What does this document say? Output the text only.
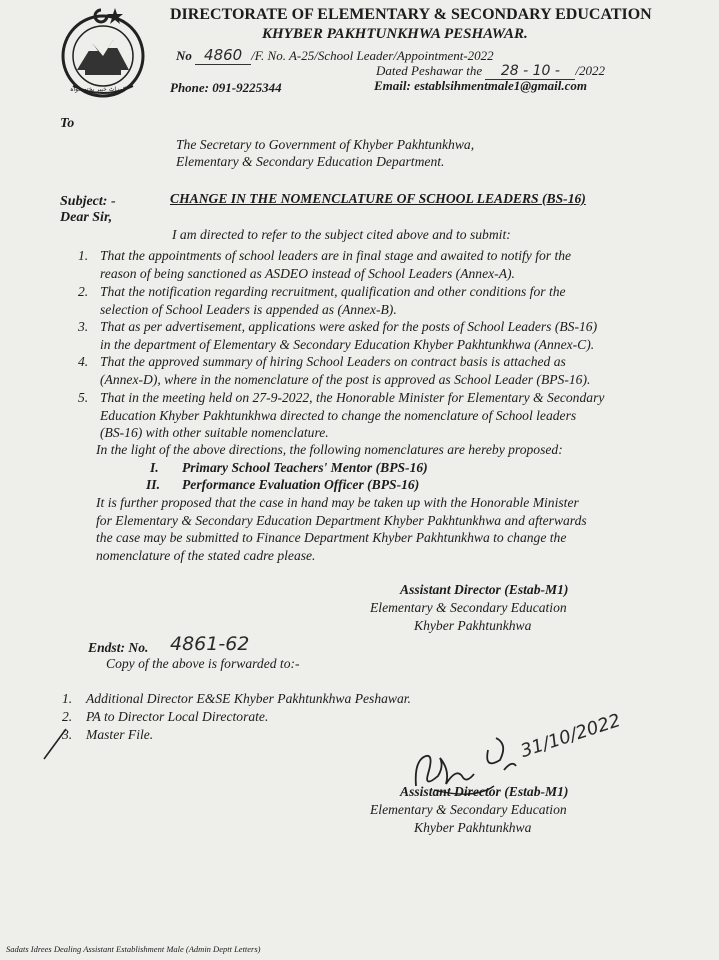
کوہاٹ خیبر پختونخواہ
DIRECTORATE OF ELEMENTARY & SECONDARY EDUCATION
KHYBER PAKHTUNKHWA PESHAWAR.
No 4860 /F. No. A-25/School Leader/Appointment-2022
Dated Peshawar the 28 - 10 - /2022
Phone: 091-9225344	Email: establsihmentmale1@gmail.com
To
The Secretary to Government of Khyber Pakhtunkhwa,
Elementary & Secondary Education Department.
Subject: -	CHANGE IN THE NOMENCLATURE OF SCHOOL LEADERS (BS-16)
Dear Sir,
I am directed to refer to the subject cited above and to submit:
1. That the appointments of school leaders are in final stage and awaited to notify for the
reason of being sanctioned as ASDEO instead of School Leaders (Annex-A).
2. That the notification regarding recruitment, qualification and other conditions for the
selection of School Leaders is appended as (Annex-B).
3. That as per advertisement, applications were asked for the posts of School Leaders (BS-16)
in the department of Elementary & Secondary Education Khyber Pakhtunkhwa (Annex-C).
4. That the approved summary of hiring School Leaders on contract basis is attached as
(Annex-D), where in the nomenclature of the post is approved as School Leader (BPS-16).
5. That in the meeting held on 27-9-2022, the Honorable Minister for Elementary & Secondary
Education Khyber Pakhtunkhwa directed to change the nomenclature of School leaders
(BS-16) with other suitable nomenclature.
In the light of the above directions, the following nomenclatures are hereby proposed:
I. Primary School Teachers' Mentor (BPS-16)
II. Performance Evaluation Officer (BPS-16)
It is further proposed that the case in hand may be taken up with the Honorable Minister
for Elementary & Secondary Education Department Khyber Pakhtunkhwa and afterwards
the case may be submitted to Finance Department Khyber Pakhtunkhwa to change the
nomenclature of the stated cadre please.
Assistant Director (Estab-M1)
Elementary & Secondary Education
Khyber Pakhtunkhwa
Endst: No. 4861-62
Copy of the above is forwarded to:-
1. Additional Director E&SE Khyber Pakhtunkhwa Peshawar.
2. PA to Director Local Directorate.
3. Master File.	31/10/2022
Assistant Director (Estab-M1)
Elementary & Secondary Education
Khyber Pakhtunkhwa
Sadats Idrees Dealing Assistant Establishment Male (Admin Deptt Letters)
